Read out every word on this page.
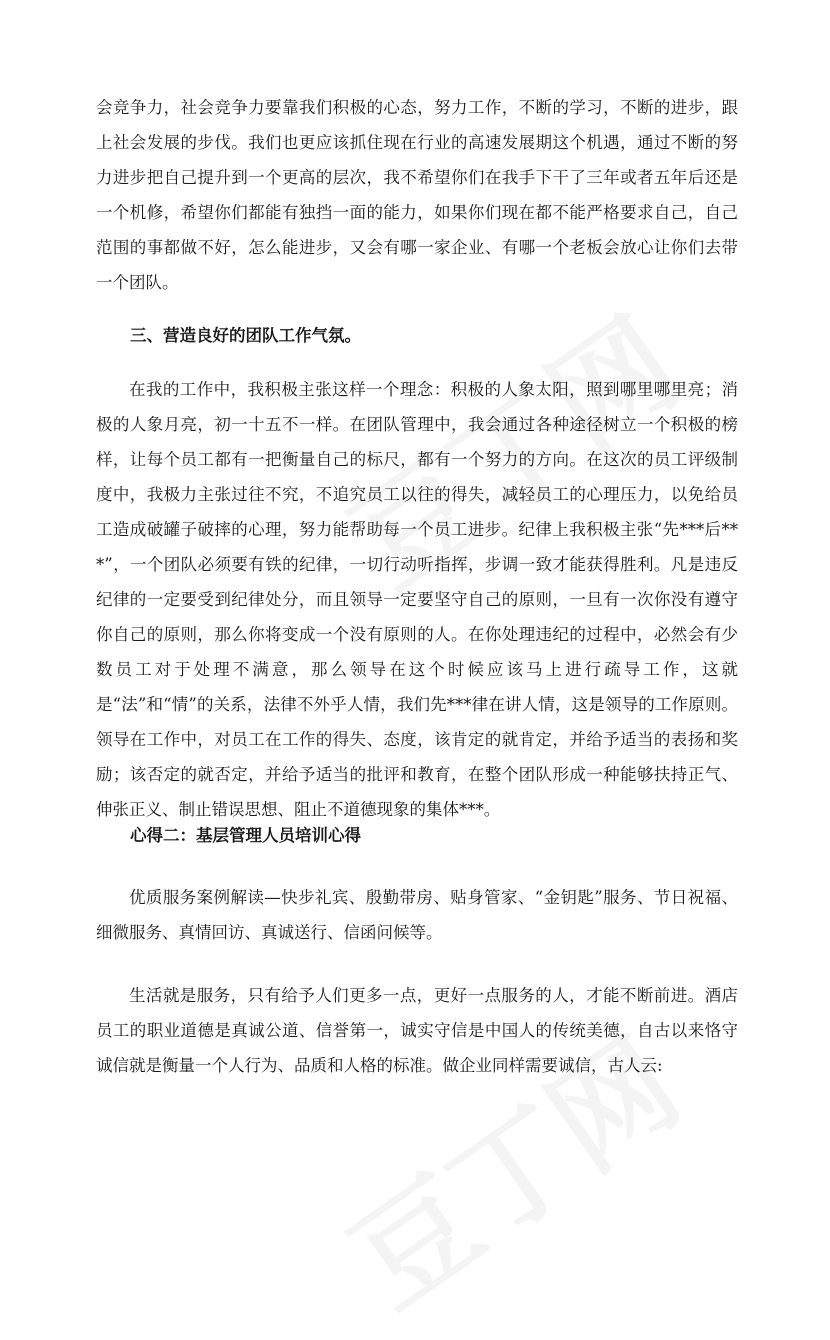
会竞争力，社会竞争力要靠我们积极的心态，努力工作，不断的学习，不断的进步，跟上社会发展的步伐。我们也更应该抓住现在行业的高速发展期这个机遇，通过不断的努力进步把自己提升到一个更高的层次，我不希望你们在我手下干了三年或者五年后还是一个机修，希望你们都能有独挡一面的能力，如果你们现在都不能严格要求自己，自己范围的事都做不好，怎么能进步，又会有哪一家企业、有哪一个老板会放心让你们去带一个团队。

三、营造良好的团队工作气氛。

在我的工作中，我积极主张这样一个理念：积极的人象太阳，照到哪里哪里亮；消极的人象月亮，初一十五不一样。在团队管理中，我会通过各种途径树立一个积极的榜样，让每个员工都有一把衡量自己的标尺，都有一个努力的方向。在这次的员工评级制度中，我极力主张过往不究，不追究员工以往的得失，减轻员工的心理压力，以免给员工造成破罐子破摔的心理，努力能帮助每一个员工进步。纪律上我积极主张“先***后***”，一个团队必须要有铁的纪律，一切行动听指挥，步调一致才能获得胜利。凡是违反纪律的一定要受到纪律处分，而且领导一定要坚守自己的原则，一旦有一次你没有遵守你自己的原则，那么你将变成一个没有原则的人。在你处理违纪的过程中，必然会有少数员工对于处理不满意，那么领导在这个时候应该马上进行疏导工作，这就是“法”和“情”的关系，法律不外乎人情，我们先***律在讲人情，这是领导的工作原则。领导在工作中，对员工在工作的得失、态度，该肯定的就肯定，并给予适当的表扬和奖励；该否定的就否定，并给予适当的批评和教育，在整个团队形成一种能够扶持正气、伸张正义、制止错误思想、阻止不道德现象的集体***。

心得二：基层管理人员培训心得

优质服务案例解读—快步礼宾、殷勤带房、贴身管家、“金钥匙”服务、节日祝福、细微服务、真情回访、真诚送行、信函问候等。

生活就是服务，只有给予人们更多一点，更好一点服务的人，才能不断前进。酒店员工的职业道德是真诚公道、信誉第一，诚实守信是中国人的传统美德，自古以来恪守诚信就是衡量一个人行为、品质和人格的标准。做企业同样需要诚信，古人云:
